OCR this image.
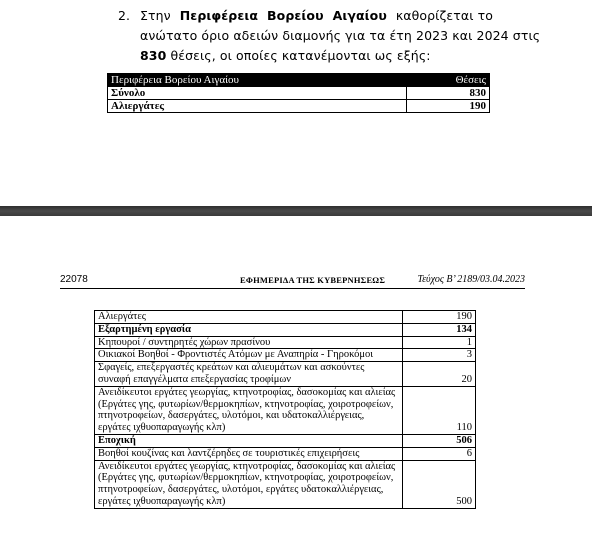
2. Στην Περιφέρεια Βορείου Αιγαίου καθορίζεται το
ανώτατο όριο αδειών διαμονής για τα έτη 2023 και 2024 στις
830 θέσεις, οι οποίες κατανέμονται ως εξής:
Περιφέρεια Βορείου Αιγαίου	Θέσεις
Σύνολο	830
Αλιεργάτες	190
22078	ΕΦΗΜΕΡΙΔΑ ΤΗΣ ΚΥΒΕΡΝΗΣΕΩΣ	Τεύχος B’ 2189/03.04.2023
Αλιεργάτες	190
Εξαρτημένη εργασία	134
Κηπουροί / συντηρητές χώρων πρασίνου	1
Οικιακοί Βοηθοί - Φροντιστές Ατόμων με Αναπηρία - Γηροκόμοι	3
Σφαγείς, επεξεργαστές κρεάτων και αλιευμάτων και ασκούντες συναφή επαγγέλματα επεξεργασίας τροφίμων	20
Ανειδίκευτοι εργάτες γεωργίας, κτηνοτροφίας, δασοκομίας και αλιείας (Εργάτες γης, φυτωρίων/θερμοκηπίων, κτηνοτροφίας, χοιροτροφείων, πτηνοτροφείων, δασεργάτες, υλοτόμοι, και υδατοκαλλιέργειας, εργάτες ιχθυοπαραγωγής κλπ)	110
Εποχική	506
Βοηθοί κουζίνας και λαντζέρηδες σε τουριστικές επιχειρήσεις	6
Ανειδίκευτοι εργάτες γεωργίας, κτηνοτροφίας, δασοκομίας και αλιείας (Εργάτες γης, φυτωρίων/θερμοκηπίων, κτηνοτροφίας, χοιροτροφείων, πτηνοτροφείων, δασεργάτες, υλοτόμοι, εργάτες υδατοκαλλιέργειας, εργάτες ιχθυοπαραγωγής κλπ)	500
